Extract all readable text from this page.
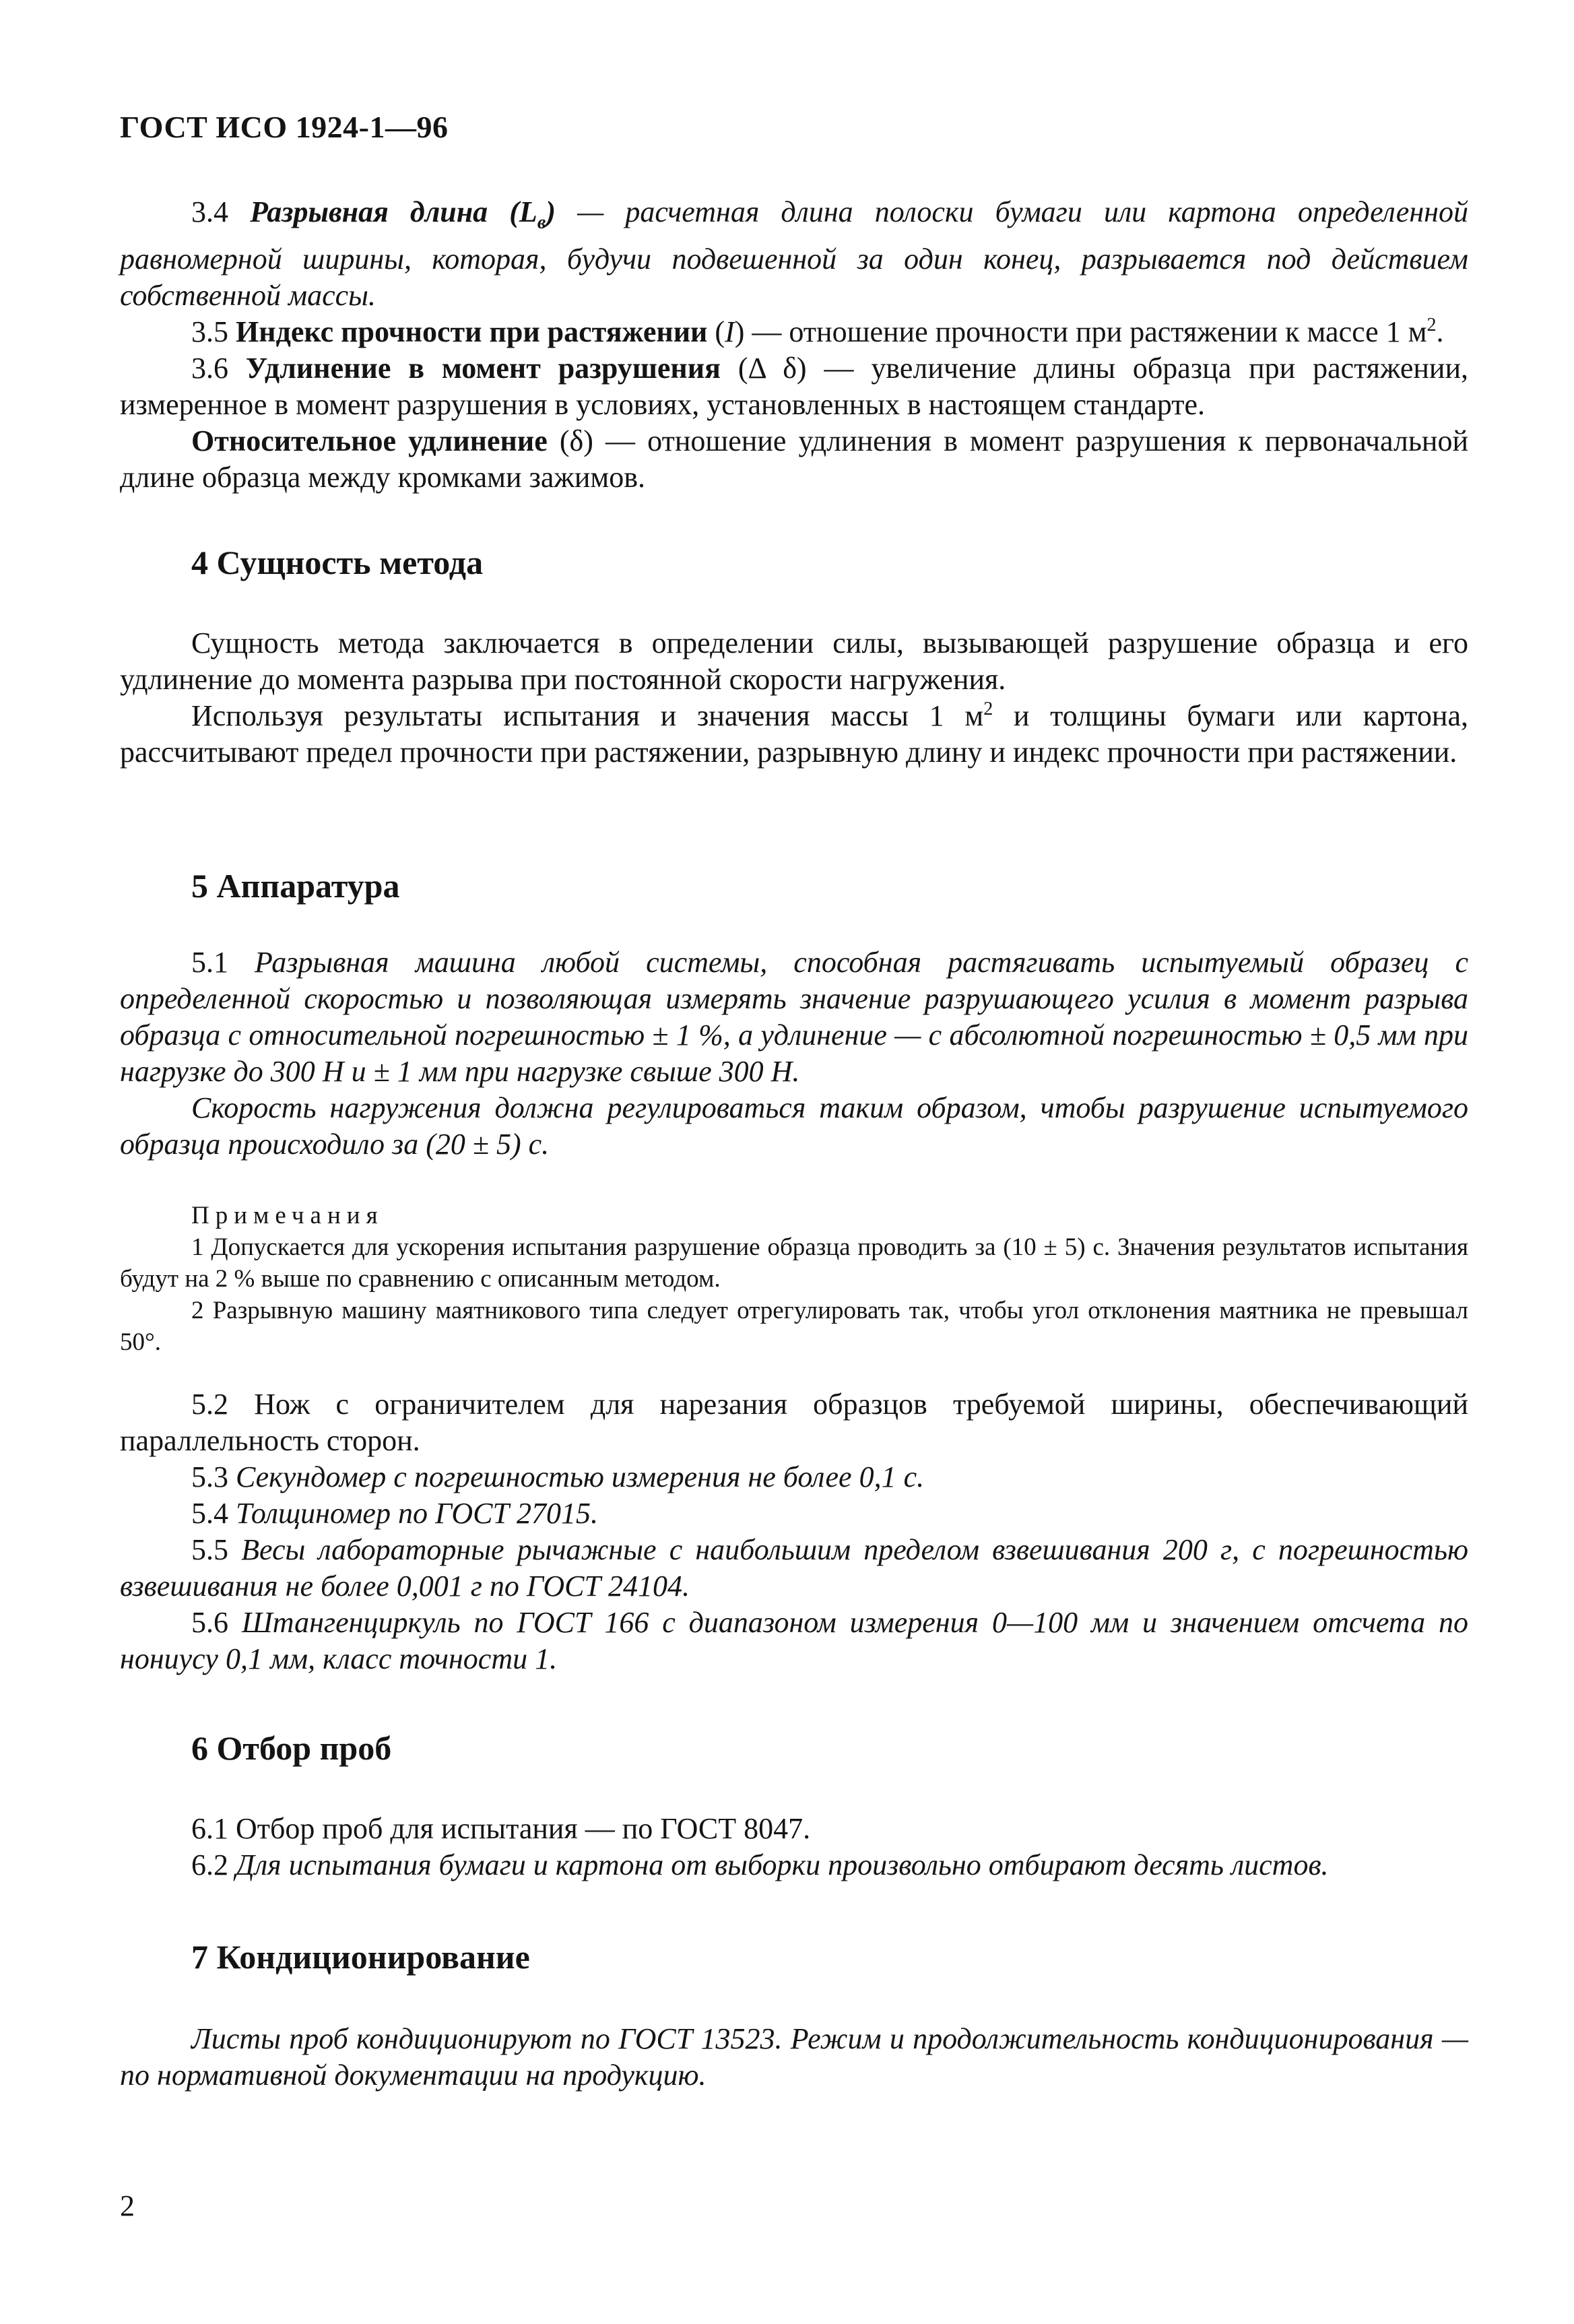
ГОСТ ИСО 1924-1—96

3.4 Разрывная длина $(L_в)$ — расчетная длина полоски бумаги или картона определенной равномерной ширины, которая, будучи подвешенной за один конец, разрывается под действием собственной массы.

3.5 Индекс прочности при растяжении (I) — отношение прочности при растяжении к массе 1 $м^2$.

3.6 Удлинение в момент разрушения (Δ δ) — увеличение длины образца при растяжении, измеренное в момент разрушения в условиях, установленных в настоящем стандарте.

Относительное удлинение (δ) — отношение удлинения в момент разрушения к первоначальной длине образца между кромками зажимов.

4 Сущность метода

Сущность метода заключается в определении силы, вызывающей разрушение образца и его удлинение до момента разрыва при постоянной скорости нагружения.

Используя результаты испытания и значения массы 1 $м^2$ и толщины бумаги или картона, рассчитывают предел прочности при растяжении, разрывную длину и индекс прочности при растяжении.

5 Аппаратура

5.1 Разрывная машина любой системы, способная растягивать испытуемый образец с определенной скоростью и позволяющая измерять значение разрушающего усилия в момент разрыва образца с относительной погрешностью ± 1 %, а удлинение — с абсолютной погрешностью ± 0,5 мм при нагрузке до 300 Н и ± 1 мм при нагрузке свыше 300 Н.

Скорость нагружения должна регулироваться таким образом, чтобы разрушение испытуемого образца происходило за (20 ± 5) с.

Примечания

1 Допускается для ускорения испытания разрушение образца проводить за (10 ± 5) с. Значения результатов испытания будут на 2 % выше по сравнению с описанным методом.

2 Разрывную машину маятникового типа следует отрегулировать так, чтобы угол отклонения маятника не превышал 50°.

5.2 Нож с ограничителем для нарезания образцов требуемой ширины, обеспечивающий параллельность сторон.

5.3 Секундомер с погрешностью измерения не более 0,1 с.

5.4 Толщиномер по ГОСТ 27015.

5.5 Весы лабораторные рычажные с наибольшим пределом взвешивания 200 г, с погрешностью взвешивания не более 0,001 г по ГОСТ 24104.

5.6 Штангенциркуль по ГОСТ 166 с диапазоном измерения 0—100 мм и значением отсчета по нониусу 0,1 мм, класс точности 1.

6 Отбор проб

6.1 Отбор проб для испытания — по ГОСТ 8047.

6.2 Для испытания бумаги и картона от выборки произвольно отбирают десять листов.

7 Кондиционирование

Листы проб кондиционируют по ГОСТ 13523. Режим и продолжительность кондиционирования — по нормативной документации на продукцию.

2
